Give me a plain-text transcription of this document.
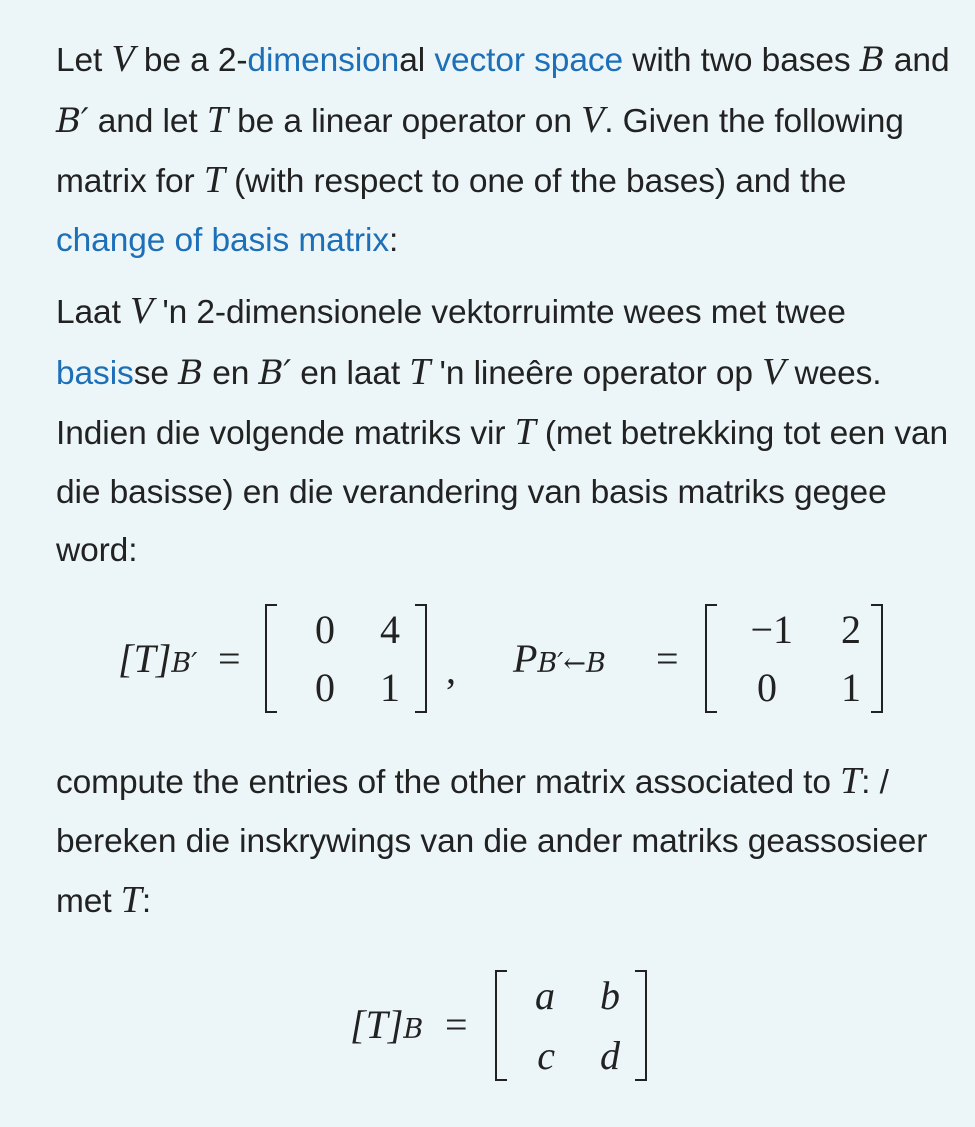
Let V be a 2-dimensional vector space with two bases B and B′ and let T be a linear operator on V. Given the following matrix for T (with respect to one of the bases) and the change of basis matrix:

Laat V 'n 2-dimensionele vektorruimte wees met twee basisse B en B′ en laat T 'n lineêre operator op V wees. Indien die volgende matriks vir T (met betrekking tot een van die basisse) en die verandering van basis matriks gegee word:

[T]B′ =
0 4
0 1 , PB′←B =
−1	2
0	1

compute the entries of the other matrix associated to T: / bereken die inskrywings van die ander matriks geassosieer met T:

[T]B =
a b
c d
